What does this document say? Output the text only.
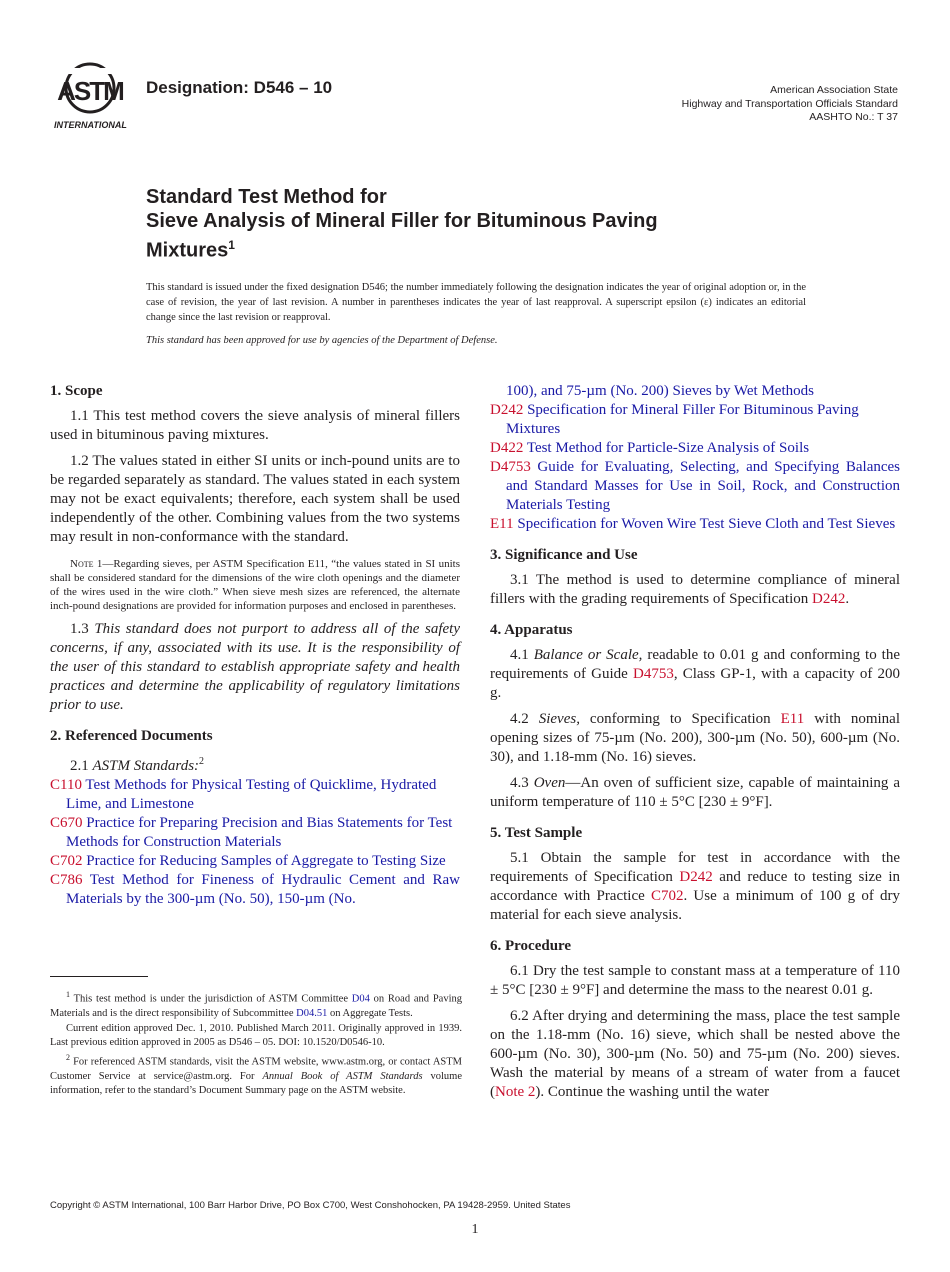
ASTM
INTERNATIONAL
Designation: D546 – 10	American Association State
Highway and Transportation Officials Standard
AASHTO No.: T 37
Standard Test Method for
Sieve Analysis of Mineral Filler for Bituminous Paving
Mixtures$^1$
This standard is issued under the fixed designation D546; the number immediately following the designation indicates the year of original adoption or, in the case of revision, the year of last revision. A number in parentheses indicates the year of last reapproval. A superscript epsilon (ε) indicates an editorial change since the last revision or reapproval.
This standard has been approved for use by agencies of the Department of Defense.
1. Scope

1.1 This test method covers the sieve analysis of mineral fillers used in bituminous paving mixtures.

1.2 The values stated in either SI units or inch-pound units are to be regarded separately as standard. The values stated in each system may not be exact equivalents; therefore, each system shall be used independently of the other. Combining values from the two systems may result in non-conformance with the standard.

Note 1—Regarding sieves, per ASTM Specification E11, “the values stated in SI units shall be considered standard for the dimensions of the wire cloth openings and the diameter of the wires used in the wire cloth.” When sieve mesh sizes are referenced, the alternate inch-pound designations are provided for information purposes and enclosed in parentheses.

1.3 This standard does not purport to address all of the safety concerns, if any, associated with its use. It is the responsibility of the user of this standard to establish appropriate safety and health practices and determine the applicability of regulatory limitations prior to use.

2. Referenced Documents

2.1 ASTM Standards:$^2$

C110 Test Methods for Physical Testing of Quicklime, Hydrated Lime, and Limestone
C670 Practice for Preparing Precision and Bias Statements for Test Methods for Construction Materials
C702 Practice for Reducing Samples of Aggregate to Testing Size
C786 Test Method for Fineness of Hydraulic Cement and Raw Materials by the 300-µm (No. 50), 150-µm (No.
100), and 75-µm (No. 200) Sieves by Wet Methods
D242 Specification for Mineral Filler For Bituminous Paving Mixtures
D422 Test Method for Particle-Size Analysis of Soils
D4753 Guide for Evaluating, Selecting, and Specifying Balances and Standard Masses for Use in Soil, Rock, and Construction Materials Testing
E11 Specification for Woven Wire Test Sieve Cloth and Test Sieves
3. Significance and Use

3.1 The method is used to determine compliance of mineral fillers with the grading requirements of Specification D242.

4. Apparatus

4.1 Balance or Scale, readable to 0.01 g and conforming to the requirements of Guide D4753, Class GP-1, with a capacity of 200 g.

4.2 Sieves, conforming to Specification E11 with nominal opening sizes of 75-µm (No. 200), 300-µm (No. 50), 600-µm (No. 30), and 1.18-mm (No. 16) sieves.

4.3 Oven—An oven of sufficient size, capable of maintaining a uniform temperature of 110 ± 5°C [230 ± 9°F].

5. Test Sample

5.1 Obtain the sample for test in accordance with the requirements of Specification D242 and reduce to testing size in accordance with Practice C702. Use a minimum of 100 g of dry material for each sieve analysis.

6. Procedure

6.1 Dry the test sample to constant mass at a temperature of 110 ± 5°C [230 ± 9°F] and determine the mass to the nearest 0.01 g.

6.2 After drying and determining the mass, place the test sample on the 1.18-mm (No. 16) sieve, which shall be nested above the 600-µm (No. 30), 300-µm (No. 50) and 75-µm (No. 200) sieves. Wash the material by means of a stream of water from a faucet (Note 2). Continue the washing until the water

$^1$ This test method is under the jurisdiction of ASTM Committee D04 on Road and Paving Materials and is the direct responsibility of Subcommittee D04.51 on Aggregate Tests.

Current edition approved Dec. 1, 2010. Published March 2011. Originally approved in 1939. Last previous edition approved in 2005 as D546 – 05. DOI: 10.1520/D0546-10.

$^2$ For referenced ASTM standards, visit the ASTM website, www.astm.org, or contact ASTM Customer Service at service@astm.org. For Annual Book of ASTM Standards volume information, refer to the standard’s Document Summary page on the ASTM website.

Copyright © ASTM International, 100 Barr Harbor Drive, PO Box C700, West Conshohocken, PA 19428-2959. United States
1
